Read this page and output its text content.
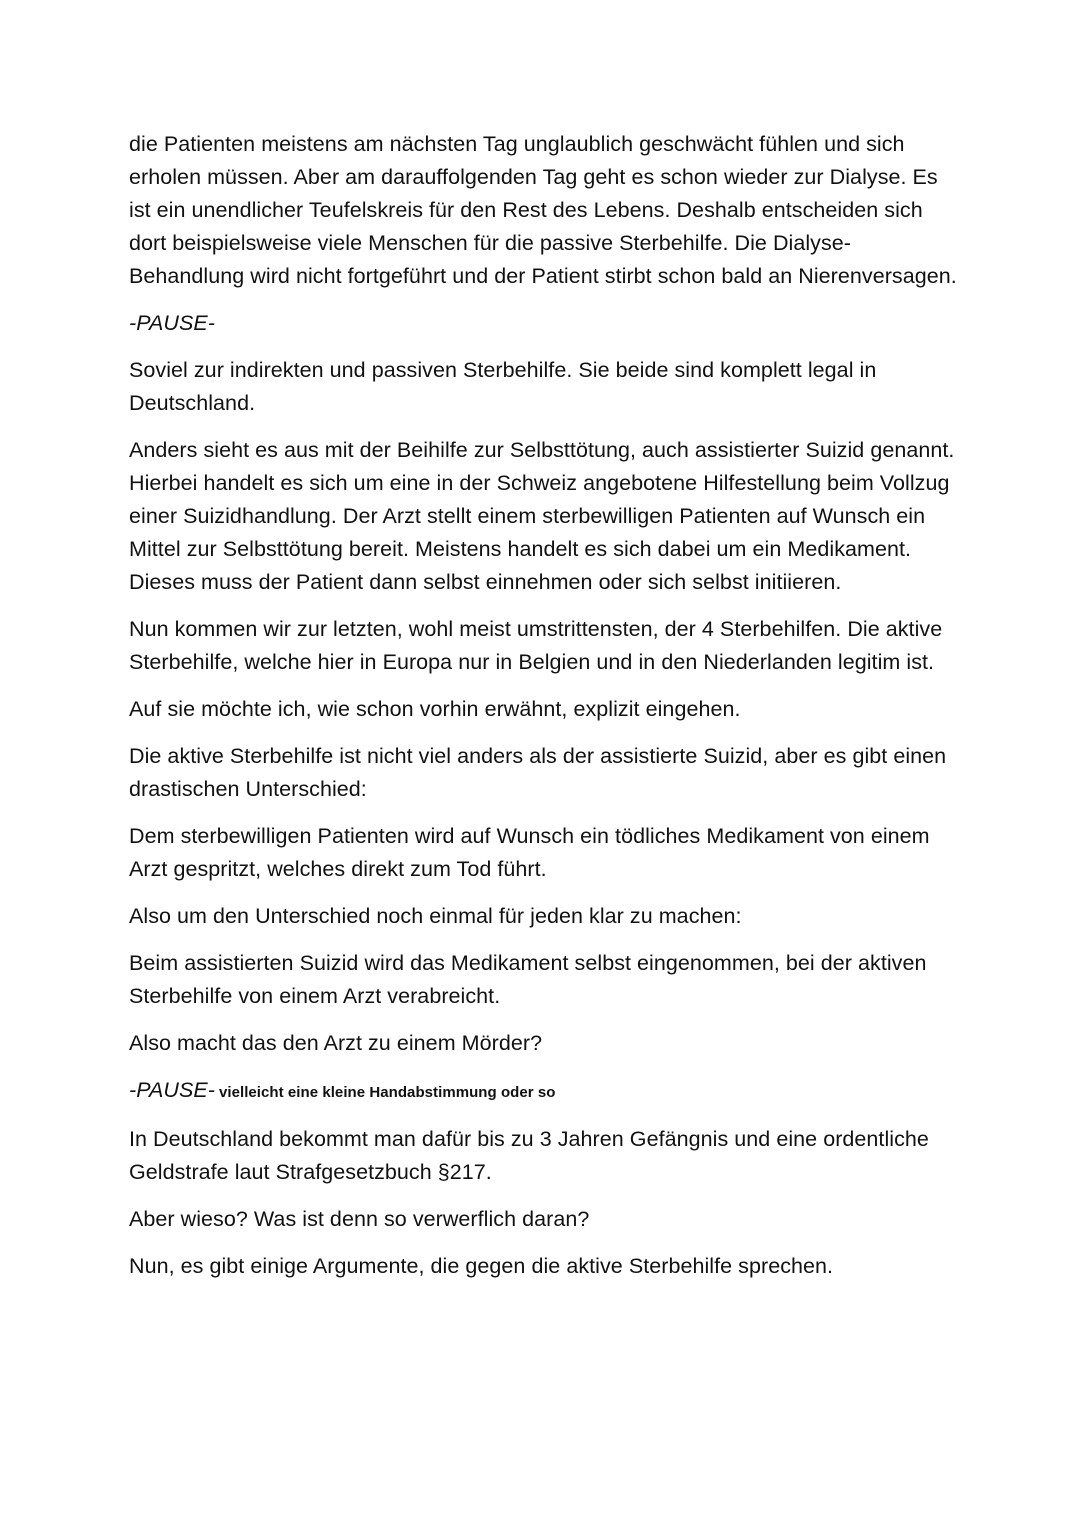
die Patienten meistens am nächsten Tag unglaublich geschwächt fühlen und sich erholen müssen. Aber am darauffolgenden Tag geht es schon wieder zur Dialyse. Es ist ein unendlicher Teufelskreis für den Rest des Lebens. Deshalb entscheiden sich dort beispielsweise viele Menschen für die passive Sterbehilfe. Die Dialyse-Behandlung wird nicht fortgeführt und der Patient stirbt schon bald an Nierenversagen.

-PAUSE-

Soviel zur indirekten und passiven Sterbehilfe. Sie beide sind komplett legal in Deutschland.

Anders sieht es aus mit der Beihilfe zur Selbsttötung, auch assistierter Suizid genannt. Hierbei handelt es sich um eine in der Schweiz angebotene Hilfestellung beim Vollzug einer Suizidhandlung. Der Arzt stellt einem sterbewilligen Patienten auf Wunsch ein Mittel zur Selbsttötung bereit. Meistens handelt es sich dabei um ein Medikament. Dieses muss der Patient dann selbst einnehmen oder sich selbst initiieren.

Nun kommen wir zur letzten, wohl meist umstrittensten, der 4 Sterbehilfen. Die aktive Sterbehilfe, welche hier in Europa nur in Belgien und in den Niederlanden legitim ist.

Auf sie möchte ich, wie schon vorhin erwähnt, explizit eingehen.

Die aktive Sterbehilfe ist nicht viel anders als der assistierte Suizid, aber es gibt einen drastischen Unterschied:

Dem sterbewilligen Patienten wird auf Wunsch ein tödliches Medikament von einem Arzt gespritzt, welches direkt zum Tod führt.

Also um den Unterschied noch einmal für jeden klar zu machen:

Beim assistierten Suizid wird das Medikament selbst eingenommen, bei der aktiven Sterbehilfe von einem Arzt verabreicht.

Also macht das den Arzt zu einem Mörder?

-PAUSE- vielleicht eine kleine Handabstimmung oder so

In Deutschland bekommt man dafür bis zu 3 Jahren Gefängnis und eine ordentliche Geldstrafe laut Strafgesetzbuch §217.

Aber wieso? Was ist denn so verwerflich daran?

Nun, es gibt einige Argumente, die gegen die aktive Sterbehilfe sprechen.
